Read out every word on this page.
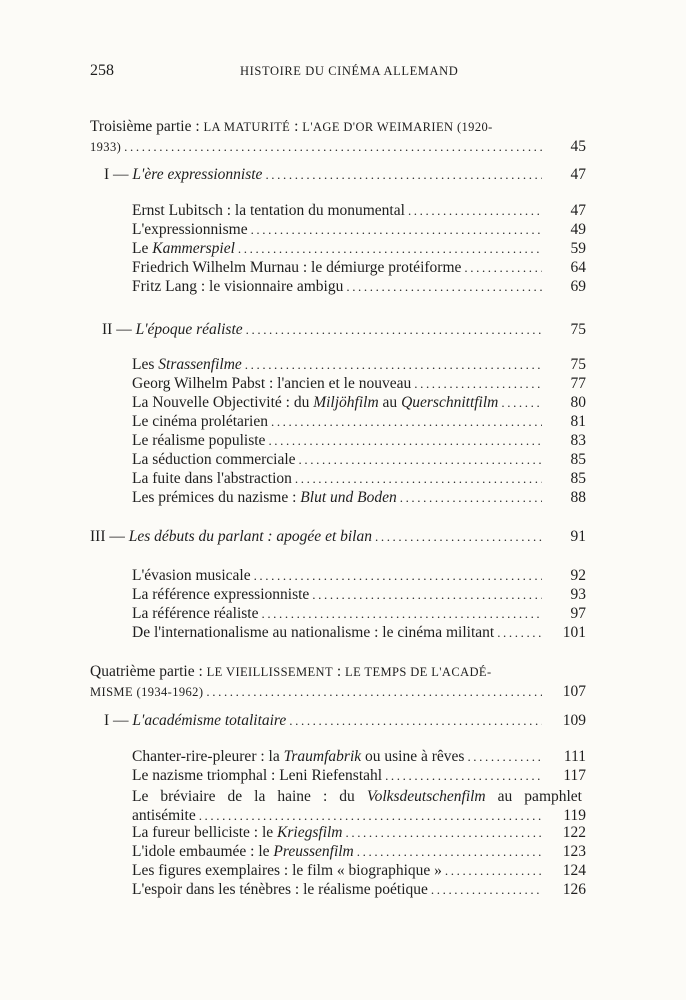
258	HISTOIRE DU CINÉMA ALLEMAND
Troisième partie : LA MATURITÉ : L'AGE D'OR WEIMARIEN (1920-
1933) .....	45
I — L'ère expressionniste .....	47
Ernst Lubitsch : la tentation du monumental .....	47
L'expressionnisme .....	49
Le Kammerspiel .....	59
Friedrich Wilhelm Murnau : le démiurge protéiforme .....	64
Fritz Lang : le visionnaire ambigu .....	69
II — L'époque réaliste .....	75
Les Strassenfilme .....	75
Georg Wilhelm Pabst : l'ancien et le nouveau .....	77
La Nouvelle Objectivité : du Miljöhfilm au Querschnittfilm .....	80
Le cinéma prolétarien .....	81
Le réalisme populiste .....	83
La séduction commerciale .....	85
La fuite dans l'abstraction .....	85
Les prémices du nazisme : Blut und Boden .....	88
III — Les débuts du parlant : apogée et bilan .....	91
L'évasion musicale .....	92
La référence expressionniste .....	93
La référence réaliste .....	97
De l'internationalisme au nationalisme : le cinéma militant .....	101
Quatrième partie : LE VIEILLISSEMENT : LE TEMPS DE L'ACADÉ-
MISME (1934-1962) .....	107
I — L'académisme totalitaire .....	109
Chanter-rire-pleurer : la Traumfabrik ou usine à rêves .....	111
Le nazisme triomphal : Leni Riefenstahl .....	117
Le bréviaire de la haine : du Volksdeutschenfilm au pamphlet
antisémite .....	119
La fureur belliciste : le Kriegsfilm .....	122
L'idole embaumée : le Preussenfilm .....	123
Les figures exemplaires : le film « biographique » .....	124
L'espoir dans les ténèbres : le réalisme poétique .....	126
